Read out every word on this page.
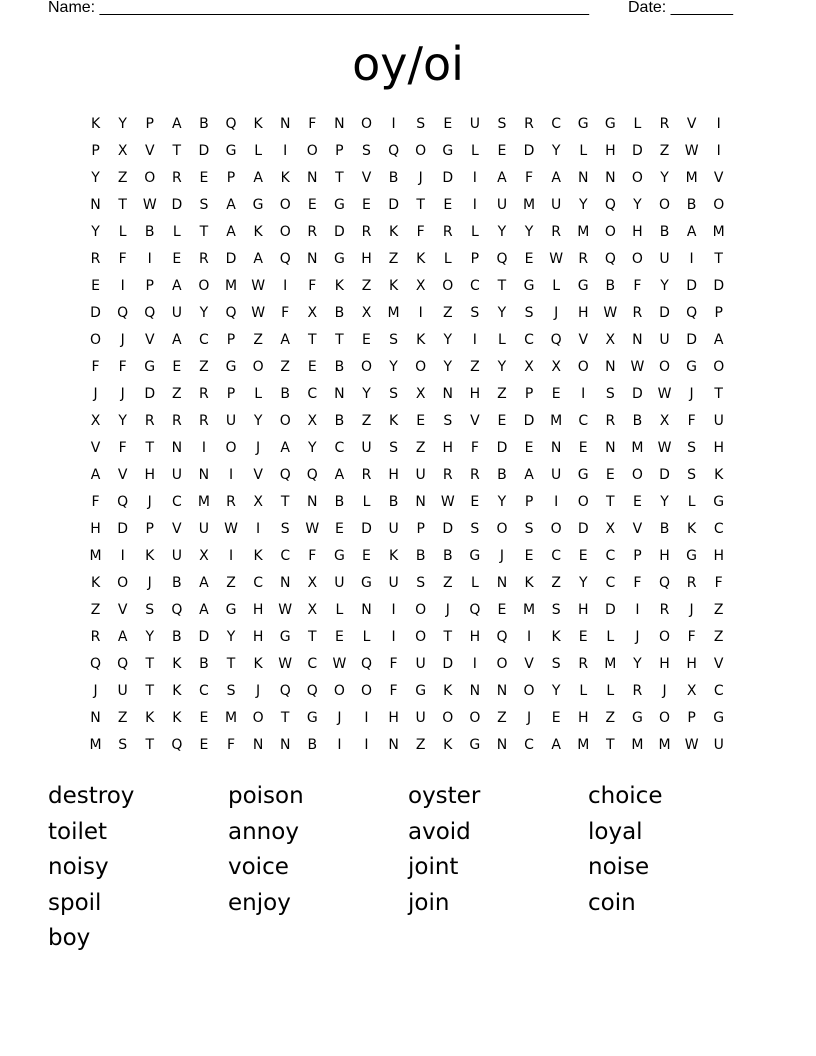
Name: _______________________________________________________ Date: _______
oy/oi
K	Y	P	A	B	Q	K	N	F	N	O	I	S	E	U	S	R	C	G	G	L	R	V	I
P	X	V	T	D	G	L	I	O	P	S	Q	O	G	L	E	D	Y	L	H	D	Z	W	I
Y	Z	O	R	E	P	A	K	N	T	V	B	J	D	I	A	F	A	N	N	O	Y	M	V
N	T	W	D	S	A	G	O	E	G	E	D	T	E	I	U	M	U	Y	Q	Y	O	B	O
Y	L	B	L	T	A	K	O	R	D	R	K	F	R	L	Y	Y	R	M	O	H	B	A	M
R	F	I	E	R	D	A	Q	N	G	H	Z	K	L	P	Q	E	W	R	Q	O	U	I	T
E	I	P	A	O	M	W	I	F	K	Z	K	X	O	C	T	G	L	G	B	F	Y	D	D
D	Q	Q	U	Y	Q	W	F	X	B	X	M	I	Z	S	Y	S	J	H	W	R	D	Q	P
O	J	V	A	C	P	Z	A	T	T	E	S	K	Y	I	L	C	Q	V	X	N	U	D	A
F	F	G	E	Z	G	O	Z	E	B	O	Y	O	Y	Z	Y	X	X	O	N	W	O	G	O
J	J	D	Z	R	P	L	B	C	N	Y	S	X	N	H	Z	P	E	I	S	D	W	J	T
X	Y	R	R	R	U	Y	O	X	B	Z	K	E	S	V	E	D	M	C	R	B	X	F	U
V	F	T	N	I	O	J	A	Y	C	U	S	Z	H	F	D	E	N	E	N	M	W	S	H
A	V	H	U	N	I	V	Q	Q	A	R	H	U	R	R	B	A	U	G	E	O	D	S	K
F	Q	J	C	M	R	X	T	N	B	L	B	N	W	E	Y	P	I	O	T	E	Y	L	G
H	D	P	V	U	W	I	S	W	E	D	U	P	D	S	O	S	O	D	X	V	B	K	C
M	I	K	U	X	I	K	C	F	G	E	K	B	B	G	J	E	C	E	C	P	H	G	H
K	O	J	B	A	Z	C	N	X	U	G	U	S	Z	L	N	K	Z	Y	C	F	Q	R	F
Z	V	S	Q	A	G	H	W	X	L	N	I	O	J	Q	E	M	S	H	D	I	R	J	Z
R	A	Y	B	D	Y	H	G	T	E	L	I	O	T	H	Q	I	K	E	L	J	O	F	Z
Q	Q	T	K	B	T	K	W	C	W	Q	F	U	D	I	O	V	S	R	M	Y	H	H	V
J	U	T	K	C	S	J	Q	Q	O	O	F	G	K	N	N	O	Y	L	L	R	J	X	C
N	Z	K	K	E	M	O	T	G	J	I	H	U	O	O	Z	J	E	H	Z	G	O	P	G
M	S	T	Q	E	F	N	N	B	I	I	N	Z	K	G	N	C	A	M	T	M	M	W	U
destroy	poison	oyster	choice
toilet	annoy	avoid	loyal
noisy	voice	joint	noise
spoil	enjoy	join	coin
boy
